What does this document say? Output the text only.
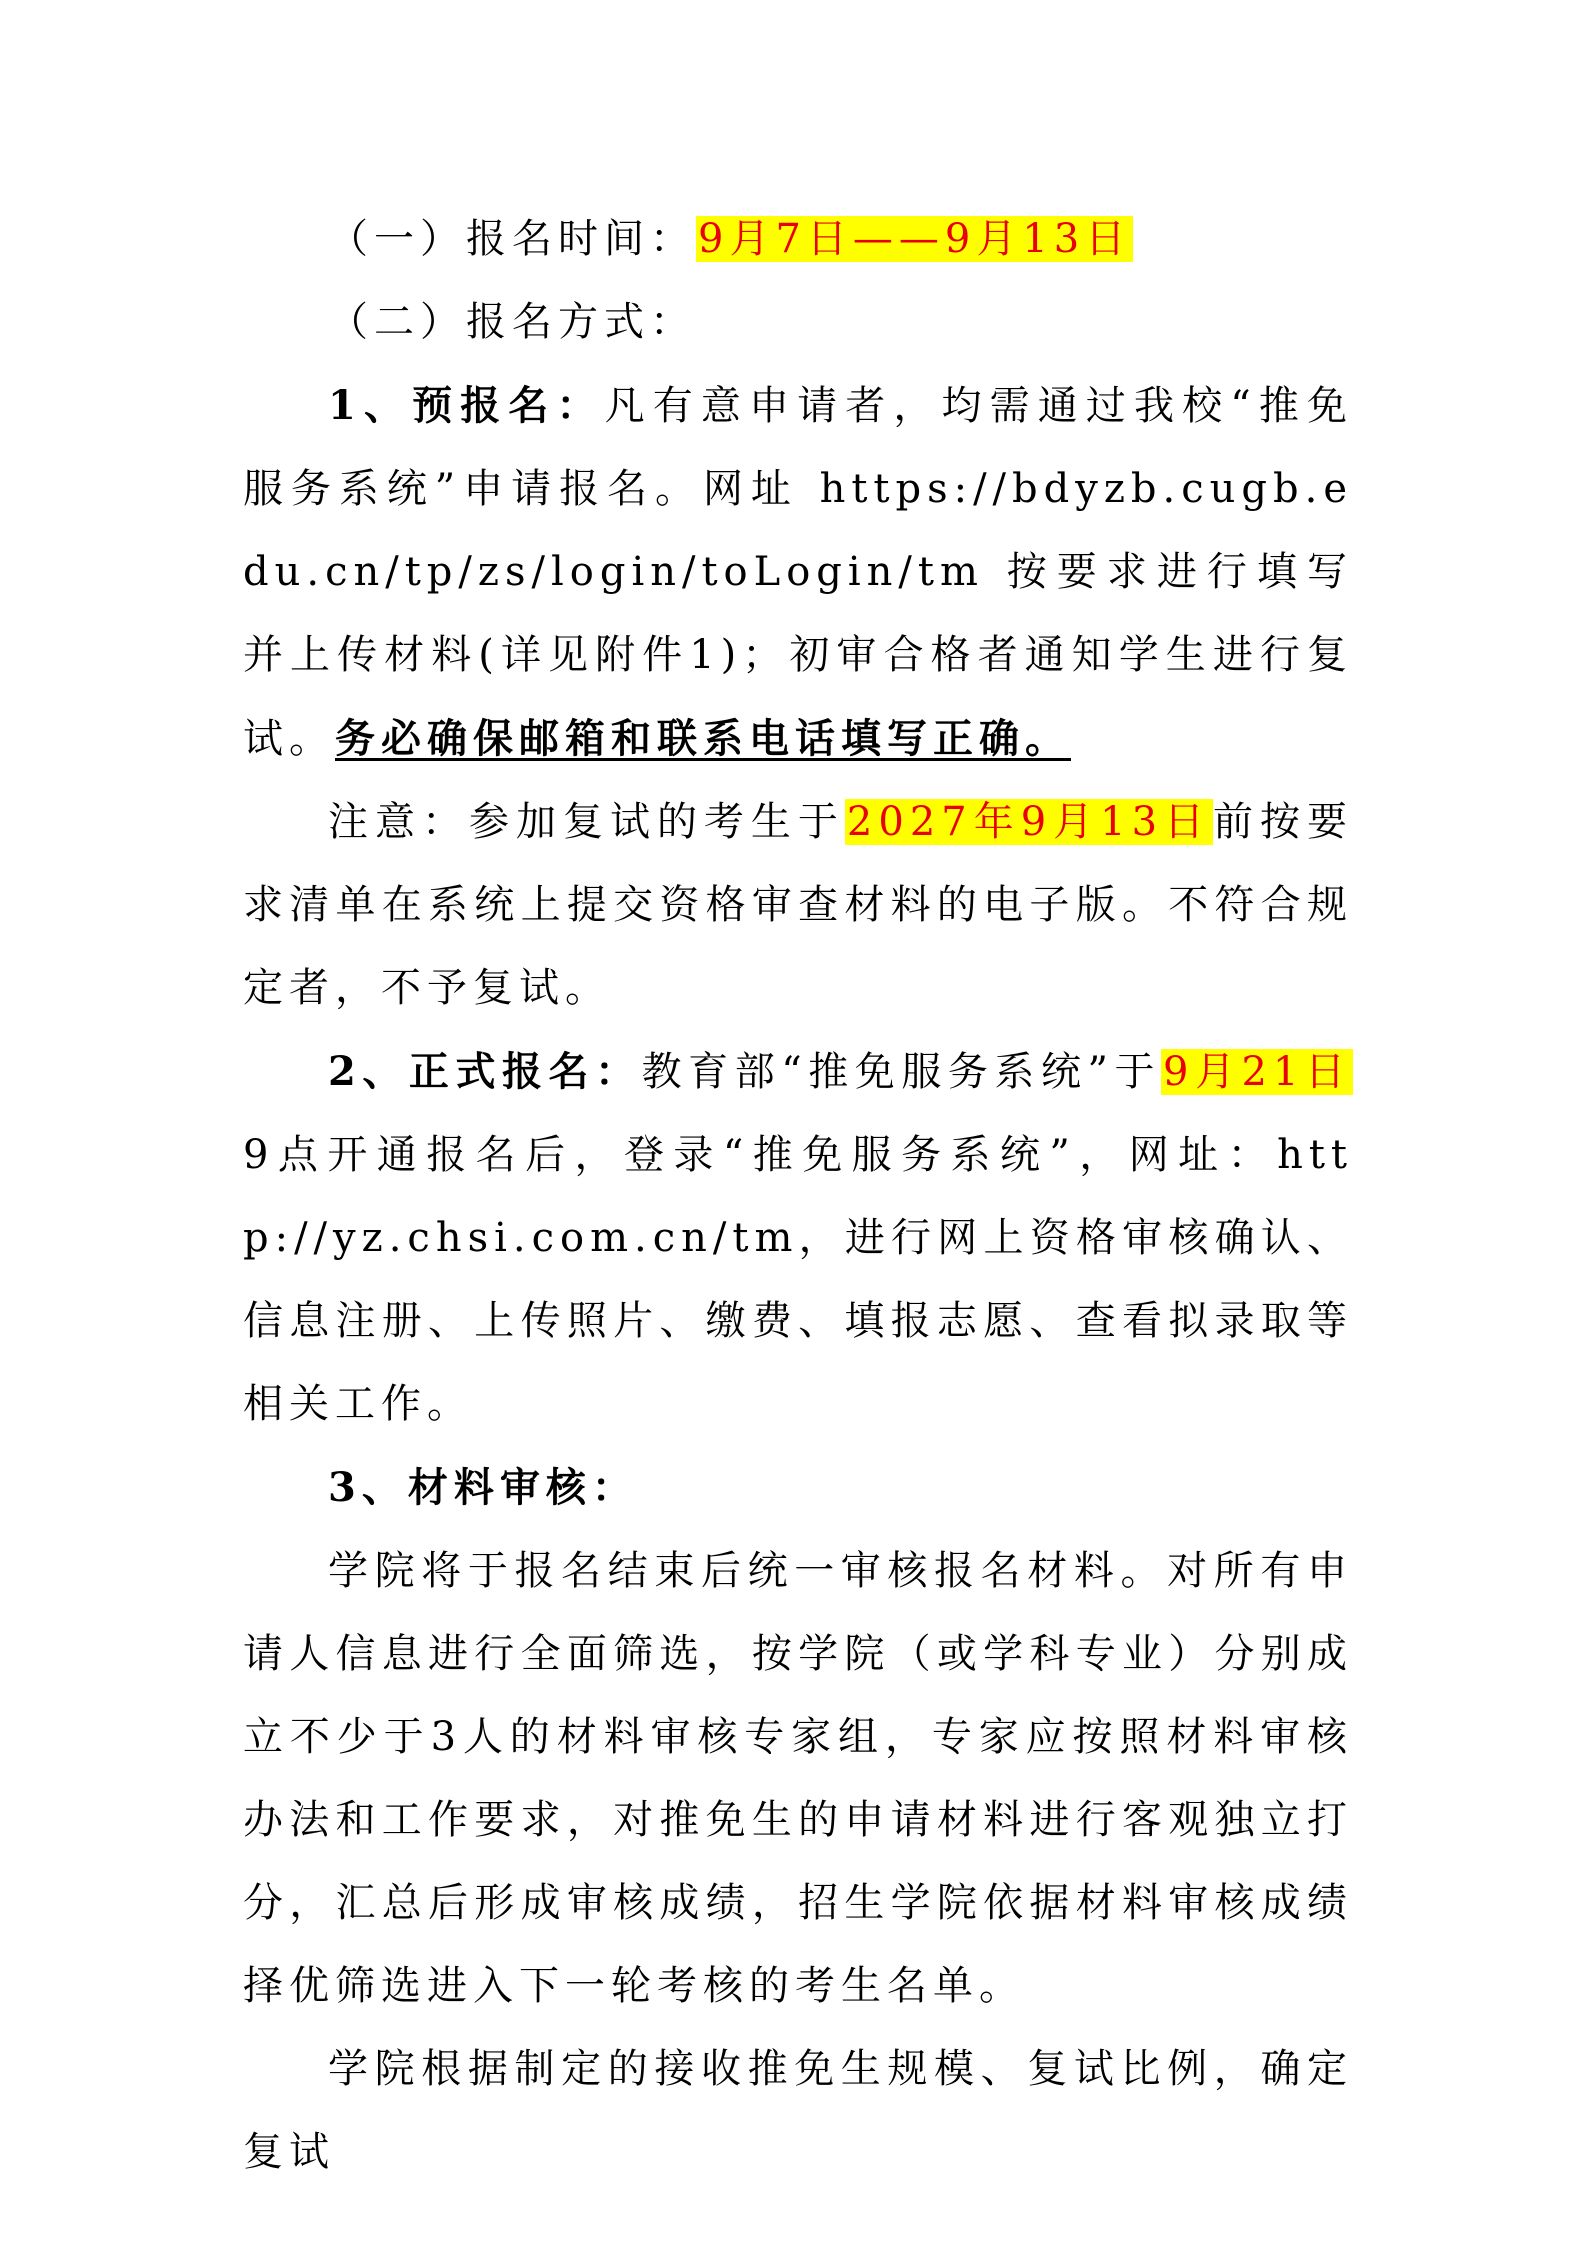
（一）报名时间：9月7日——9月13日

（二）报名方式：

1、预报名：凡有意申请者，均需通过我校“推免服务系统”申请报名。网址 https://bdyzb.cugb.edu.cn/tp/zs/login/toLogin/tm 按要求进行填写并上传材料(详见附件1)；初审合格者通知学生进行复试。务必确保邮箱和联系电话填写正确。

注意：参加复试的考生于2027年9月13日前按要求清单在系统上提交资格审查材料的电子版。不符合规定者，不予复试。

2、正式报名：教育部“推免服务系统”于9月21日9点开通报名后，登录“推免服务系统”，网址：http://yz.chsi.com.cn/tm，进行网上资格审核确认、信息注册、上传照片、缴费、填报志愿、查看拟录取等相关工作。

3、材料审核：

学院将于报名结束后统一审核报名材料。对所有申请人信息进行全面筛选，按学院（或学科专业）分别成立不少于3人的材料审核专家组，专家应按照材料审核办法和工作要求，对推免生的申请材料进行客观独立打分，汇总后形成审核成绩，招生学院依据材料审核成绩择优筛选进入下一轮考核的考生名单。

学院根据制定的接收推免生规模、复试比例，确定复试
